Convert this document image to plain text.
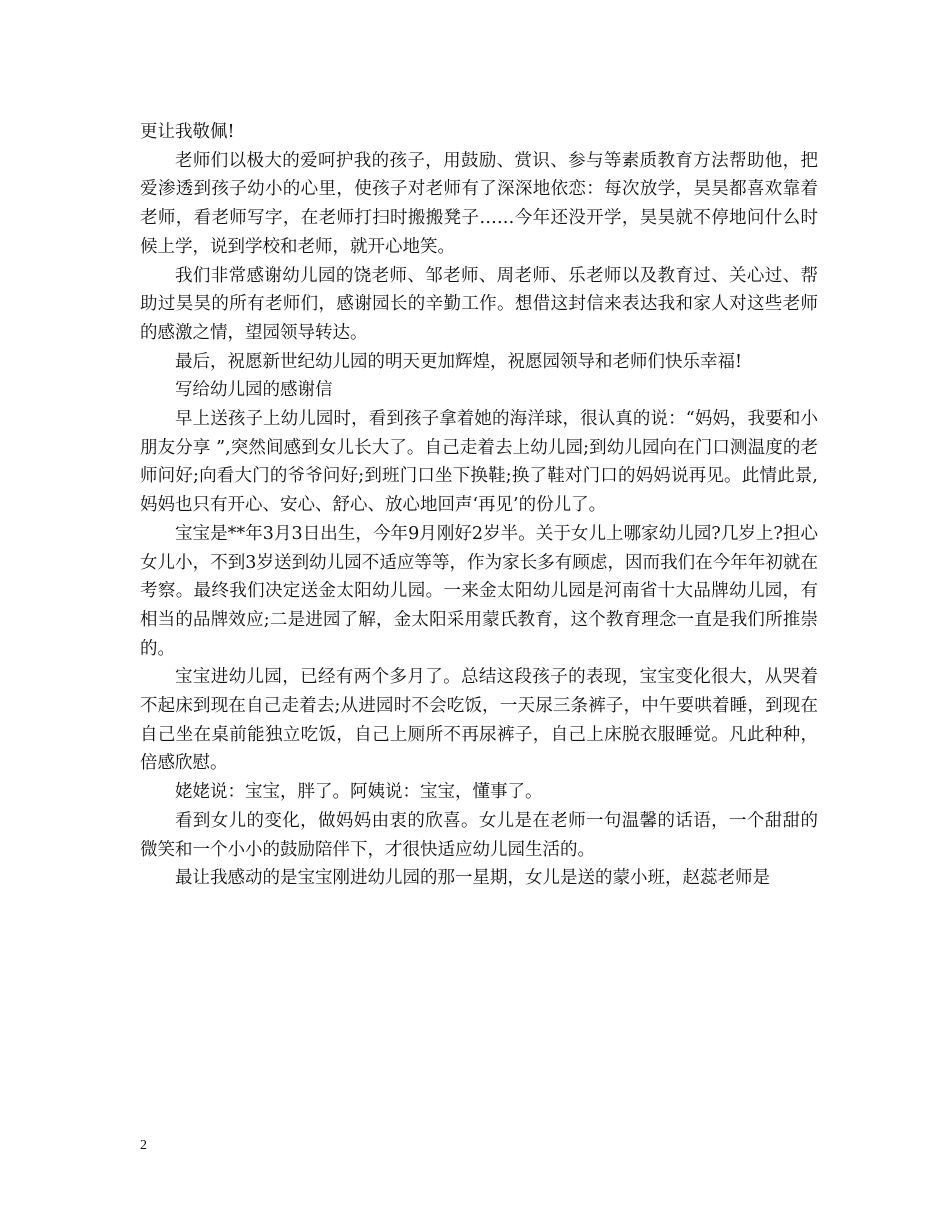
更让我敬佩!

老师们以极大的爱呵护我的孩子，用鼓励、赏识、参与等素质教育方法帮助他，把爱渗透到孩子幼小的心里，使孩子对老师有了深深地依恋：每次放学，昊昊都喜欢靠着老师，看老师写字，在老师打扫时搬搬凳子……今年还没开学，昊昊就不停地问什么时候上学，说到学校和老师，就开心地笑。

我们非常感谢幼儿园的饶老师、邹老师、周老师、乐老师以及教育过、关心过、帮助过昊昊的所有老师们，感谢园长的辛勤工作。想借这封信来表达我和家人对这些老师的感激之情，望园领导转达。

最后，祝愿新世纪幼儿园的明天更加辉煌，祝愿园领导和老师们快乐幸福!

写给幼儿园的感谢信

早上送孩子上幼儿园时，看到孩子拿着她的海洋球，很认真的说：“妈妈，我要和小朋友分享 ”,突然间感到女儿长大了。自己走着去上幼儿园;到幼儿园向在门口测温度的老师问好;向看大门的爷爷问好;到班门口坐下换鞋;换了鞋对门口的妈妈说再见。此情此景,妈妈也只有开心、安心、舒心、放心地回声‘再见’的份儿了。

宝宝是**年3月3日出生，今年9月刚好2岁半。关于女儿上哪家幼儿园?几岁上?担心女儿小，不到3岁送到幼儿园不适应等等，作为家长多有顾虑，因而我们在今年年初就在考察。最终我们决定送金太阳幼儿园。一来金太阳幼儿园是河南省十大品牌幼儿园，有相当的品牌效应;二是进园了解，金太阳采用蒙氏教育，这个教育理念一直是我们所推崇的。

宝宝进幼儿园，已经有两个多月了。总结这段孩子的表现，宝宝变化很大，从哭着不起床到现在自己走着去;从进园时不会吃饭，一天尿三条裤子，中午要哄着睡，到现在自己坐在桌前能独立吃饭，自己上厕所不再尿裤子，自己上床脱衣服睡觉。凡此种种，倍感欣慰。

姥姥说：宝宝，胖了。阿姨说：宝宝，懂事了。

看到女儿的变化，做妈妈由衷的欣喜。女儿是在老师一句温馨的话语，一个甜甜的微笑和一个小小的鼓励陪伴下，才很快适应幼儿园生活的。

最让我感动的是宝宝刚进幼儿园的那一星期，女儿是送的蒙小班，赵蕊老师是

2
